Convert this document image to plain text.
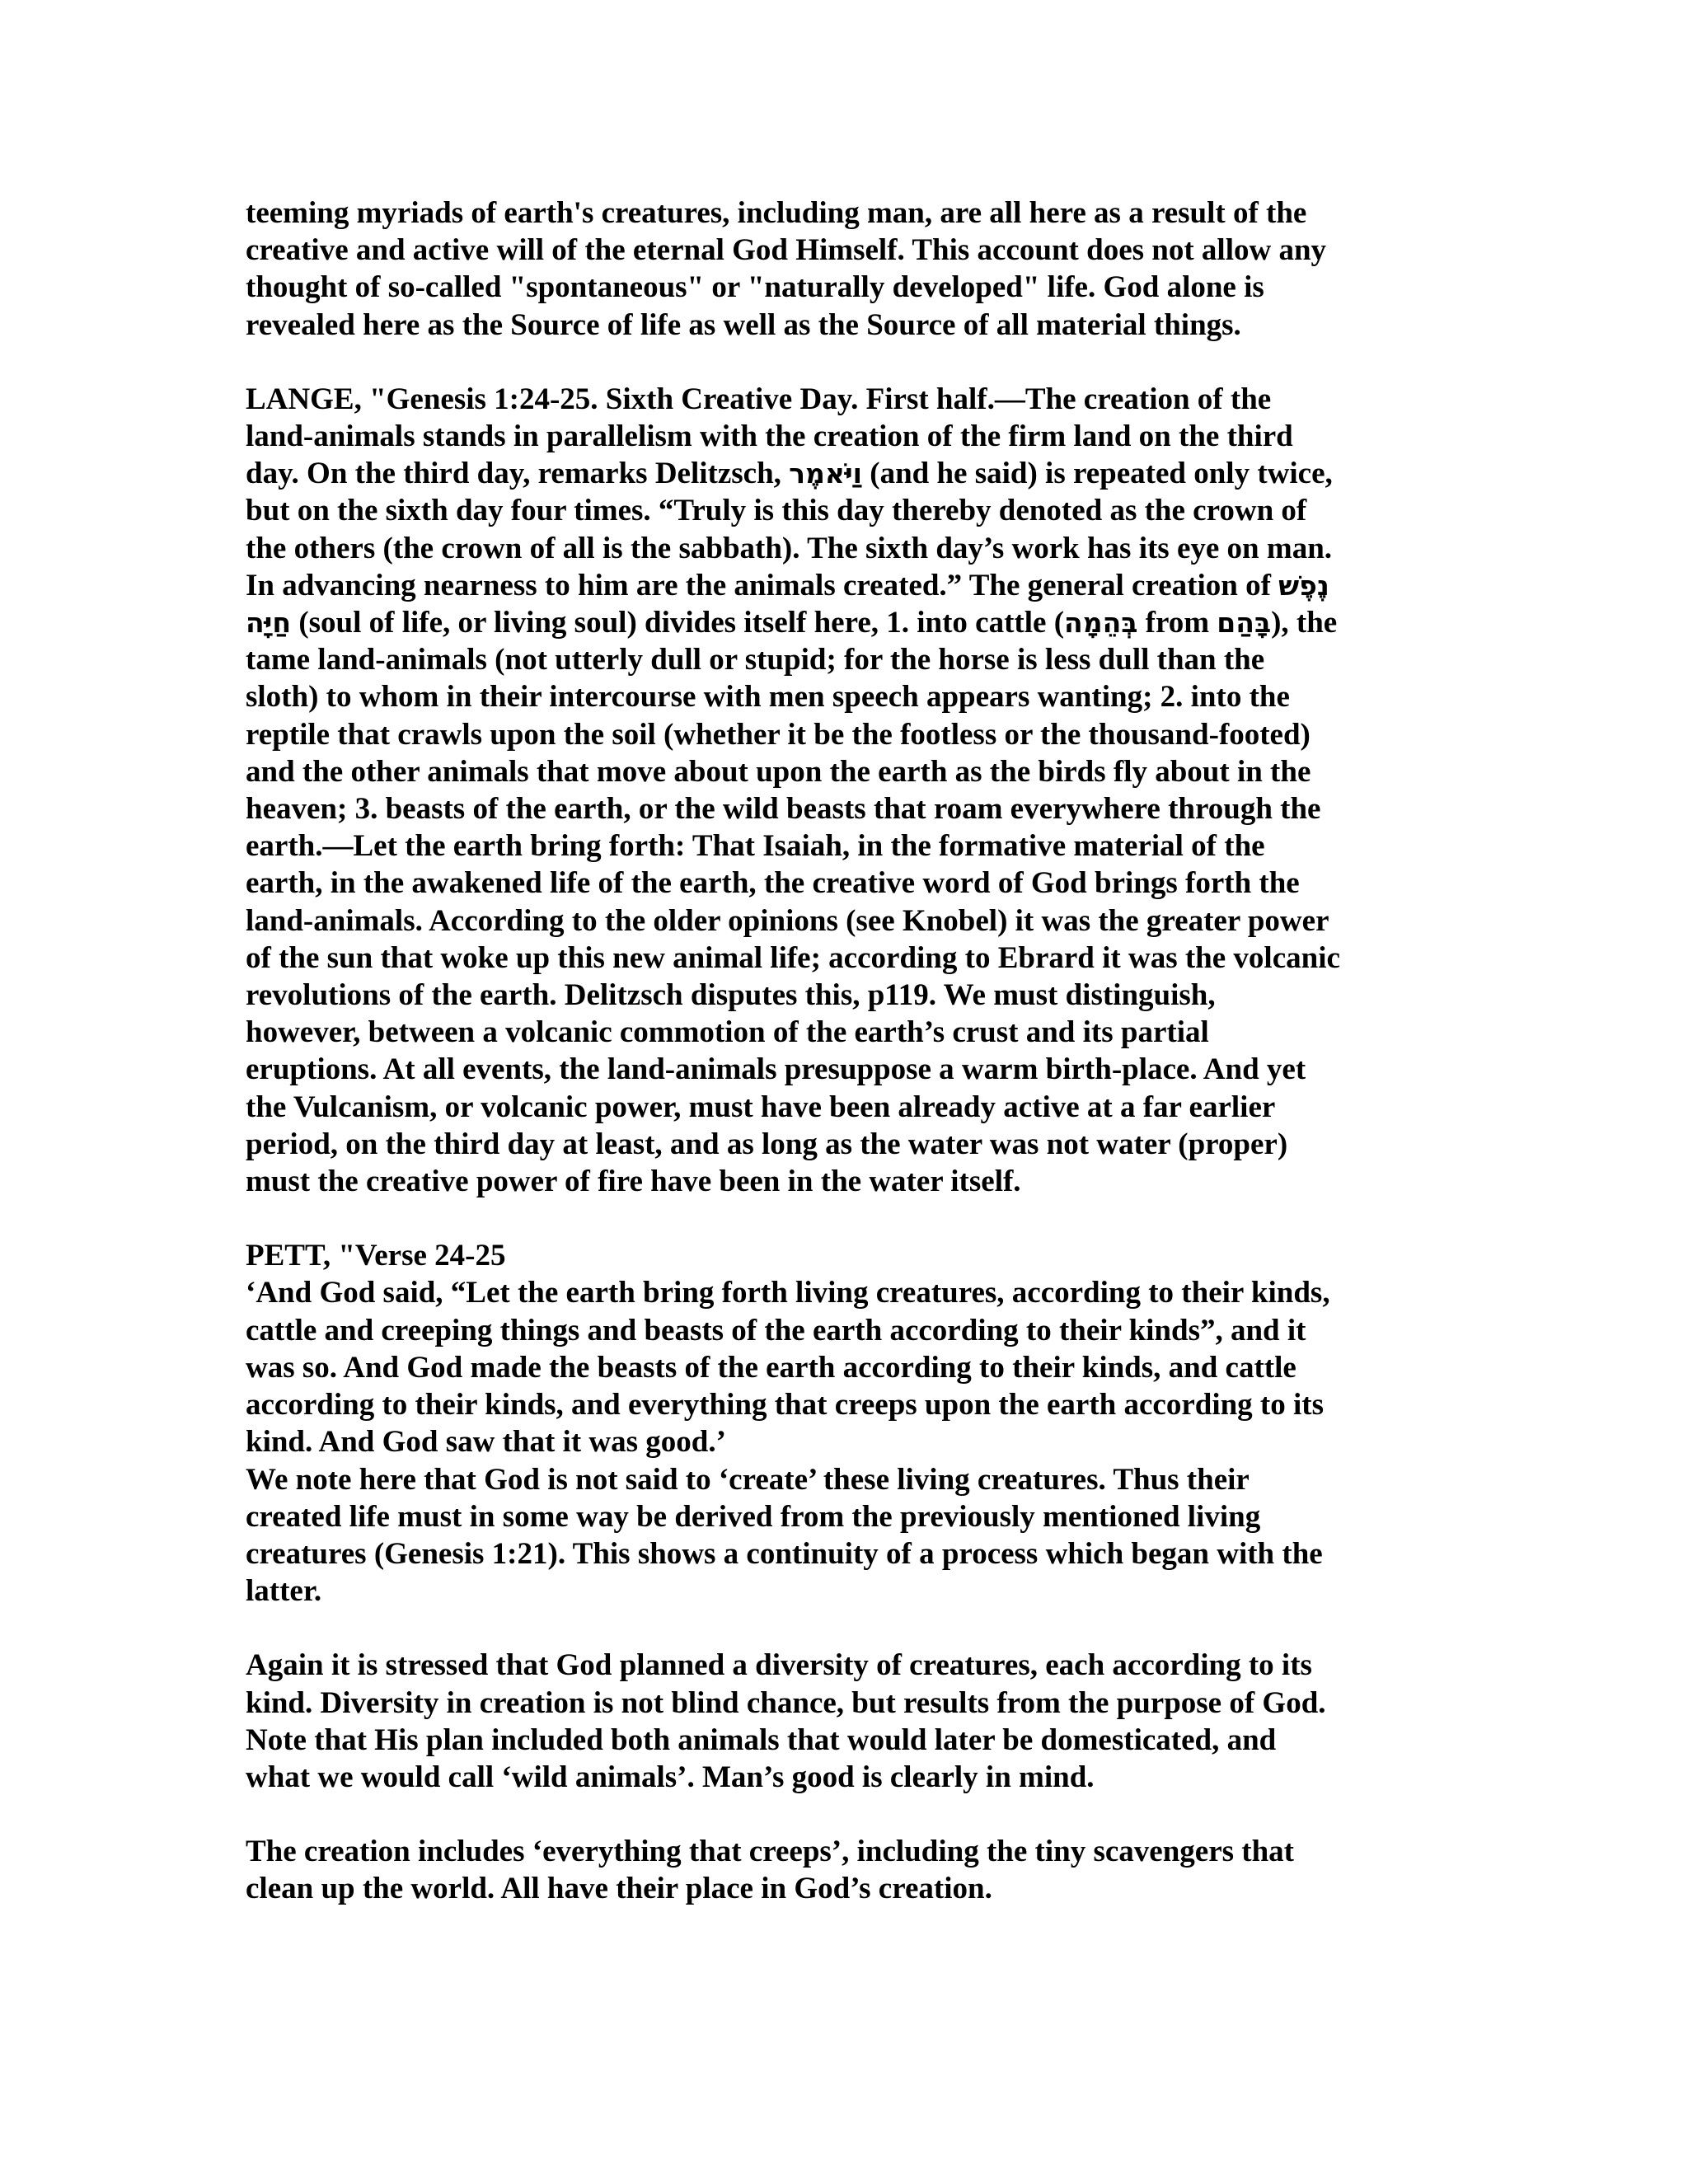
teeming myriads of earth's creatures, including man, are all here as a result of the
creative and active will of the eternal God Himself. This account does not allow any
thought of so-called "spontaneous" or "naturally developed" life. God alone is
revealed here as the Source of life as well as the Source of all material things.
LANGE, "Genesis 1:24-25. Sixth Creative Day. First half.—The creation of the
land-animals stands in parallelism with the creation of the firm land on the third
day. On the third day, remarks Delitzsch, וַיֹּאמֶר (and he said) is repeated only twice,
but on the sixth day four times. “Truly is this day thereby denoted as the crown of
the others (the crown of all is the sabbath). The sixth day’s work has its eye on man.
In advancing nearness to him are the animals created.” The general creation of נֶפֶשׁ
חַיָּה (soul of life, or living soul) divides itself here, 1. into cattle (בְּהֵמָה from בָּהַם), the
tame land-animals (not utterly dull or stupid; for the horse is less dull than the
sloth) to whom in their intercourse with men speech appears wanting; 2. into the
reptile that crawls upon the soil (whether it be the footless or the thousand-footed)
and the other animals that move about upon the earth as the birds fly about in the
heaven; 3. beasts of the earth, or the wild beasts that roam everywhere through the
earth.—Let the earth bring forth: That Isaiah, in the formative material of the
earth, in the awakened life of the earth, the creative word of God brings forth the
land-animals. According to the older opinions (see Knobel) it was the greater power
of the sun that woke up this new animal life; according to Ebrard it was the volcanic
revolutions of the earth. Delitzsch disputes this, p119. We must distinguish,
however, between a volcanic commotion of the earth’s crust and its partial
eruptions. At all events, the land-animals presuppose a warm birth-place. And yet
the Vulcanism, or volcanic power, must have been already active at a far earlier
period, on the third day at least, and as long as the water was not water (proper)
must the creative power of fire have been in the water itself.
PETT, "Verse 24-25
‘And God said, “Let the earth bring forth living creatures, according to their kinds,
cattle and creeping things and beasts of the earth according to their kinds”, and it
was so. And God made the beasts of the earth according to their kinds, and cattle
according to their kinds, and everything that creeps upon the earth according to its
kind. And God saw that it was good.’
We note here that God is not said to ‘create’ these living creatures. Thus their
created life must in some way be derived from the previously mentioned living
creatures (Genesis 1:21). This shows a continuity of a process which began with the
latter.
Again it is stressed that God planned a diversity of creatures, each according to its
kind. Diversity in creation is not blind chance, but results from the purpose of God.
Note that His plan included both animals that would later be domesticated, and
what we would call ‘wild animals’. Man’s good is clearly in mind.
The creation includes ‘everything that creeps’, including the tiny scavengers that
clean up the world. All have their place in God’s creation.
